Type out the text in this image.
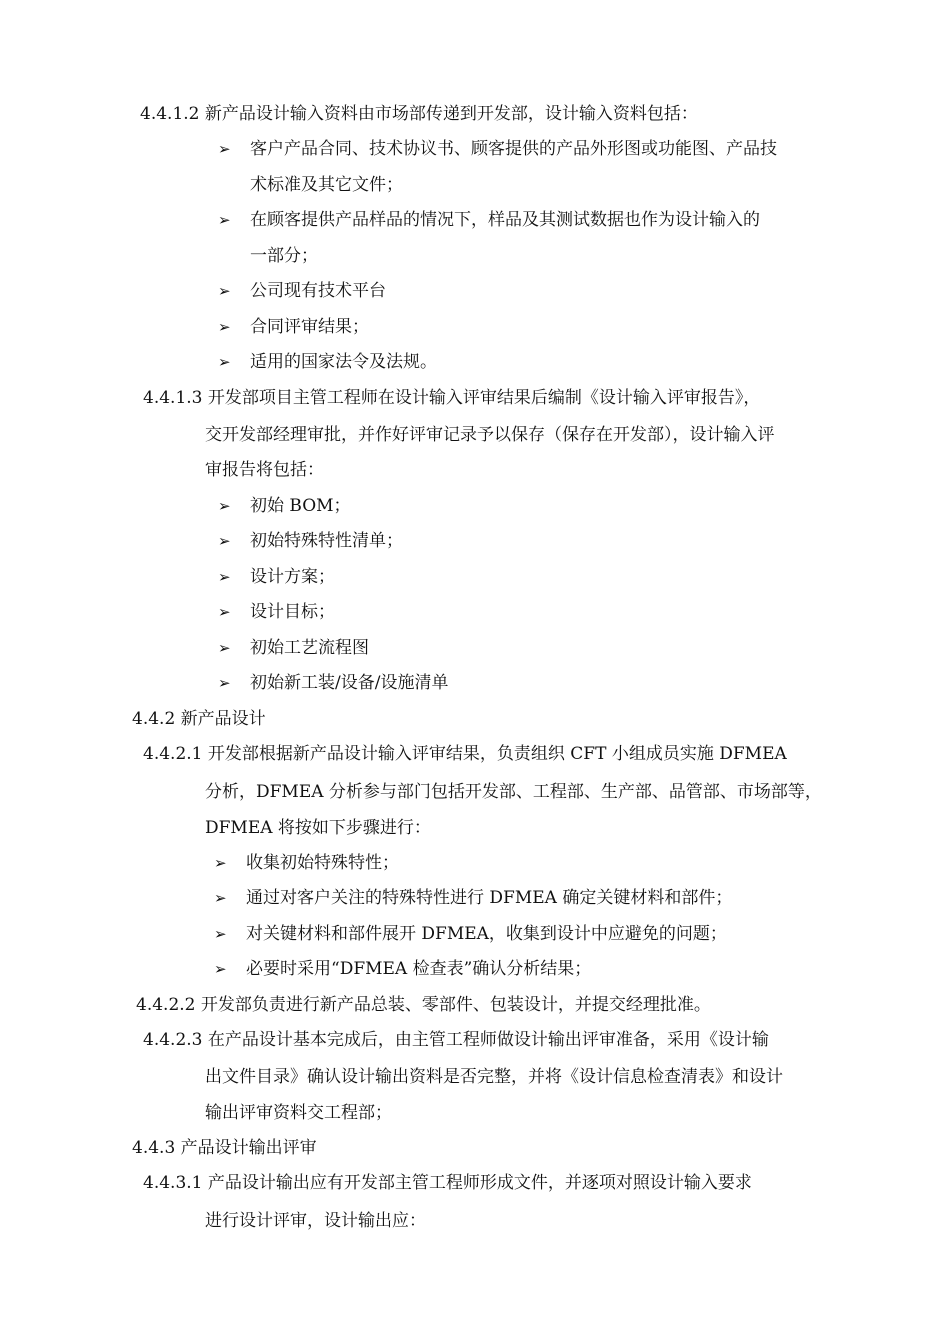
4.4.1.2 新产品设计输入资料由市场部传递到开发部，设计输入资料包括：
➢ 客户产品合同、技术协议书、顾客提供的产品外形图或功能图、产品技
术标准及其它文件；
➢ 在顾客提供产品样品的情况下，样品及其测试数据也作为设计输入的
一部分；
➢ 公司现有技术平台
➢ 合同评审结果；
➢ 适用的国家法令及法规。
4.4.1.3 开发部项目主管工程师在设计输入评审结果后编制《设计输入评审报告》，
交开发部经理审批，并作好评审记录予以保存（保存在开发部），设计输入评
审报告将包括：
➢ 初始 BOM；
➢ 初始特殊特性清单；
➢ 设计方案；
➢ 设计目标；
➢ 初始工艺流程图
➢ 初始新工装/设备/设施清单
4.4.2 新产品设计
4.4.2.1 开发部根据新产品设计输入评审结果，负责组织 CFT 小组成员实施 DFMEA
分析，DFMEA 分析参与部门包括开发部、工程部、生产部、品管部、市场部等，
DFMEA 将按如下步骤进行：
➢ 收集初始特殊特性；
➢ 通过对客户关注的特殊特性进行 DFMEA 确定关键材料和部件；
➢ 对关键材料和部件展开 DFMEA，收集到设计中应避免的问题；
➢ 必要时采用“DFMEA 检查表”确认分析结果；
4.4.2.2 开发部负责进行新产品总装、零部件、包装设计，并提交经理批准。
4.4.2.3 在产品设计基本完成后，由主管工程师做设计输出评审准备，采用《设计输
出文件目录》确认设计输出资料是否完整，并将《设计信息检查清表》和设计
输出评审资料交工程部；
4.4.3 产品设计输出评审
4.4.3.1 产品设计输出应有开发部主管工程师形成文件，并逐项对照设计输入要求
进行设计评审，设计输出应：
